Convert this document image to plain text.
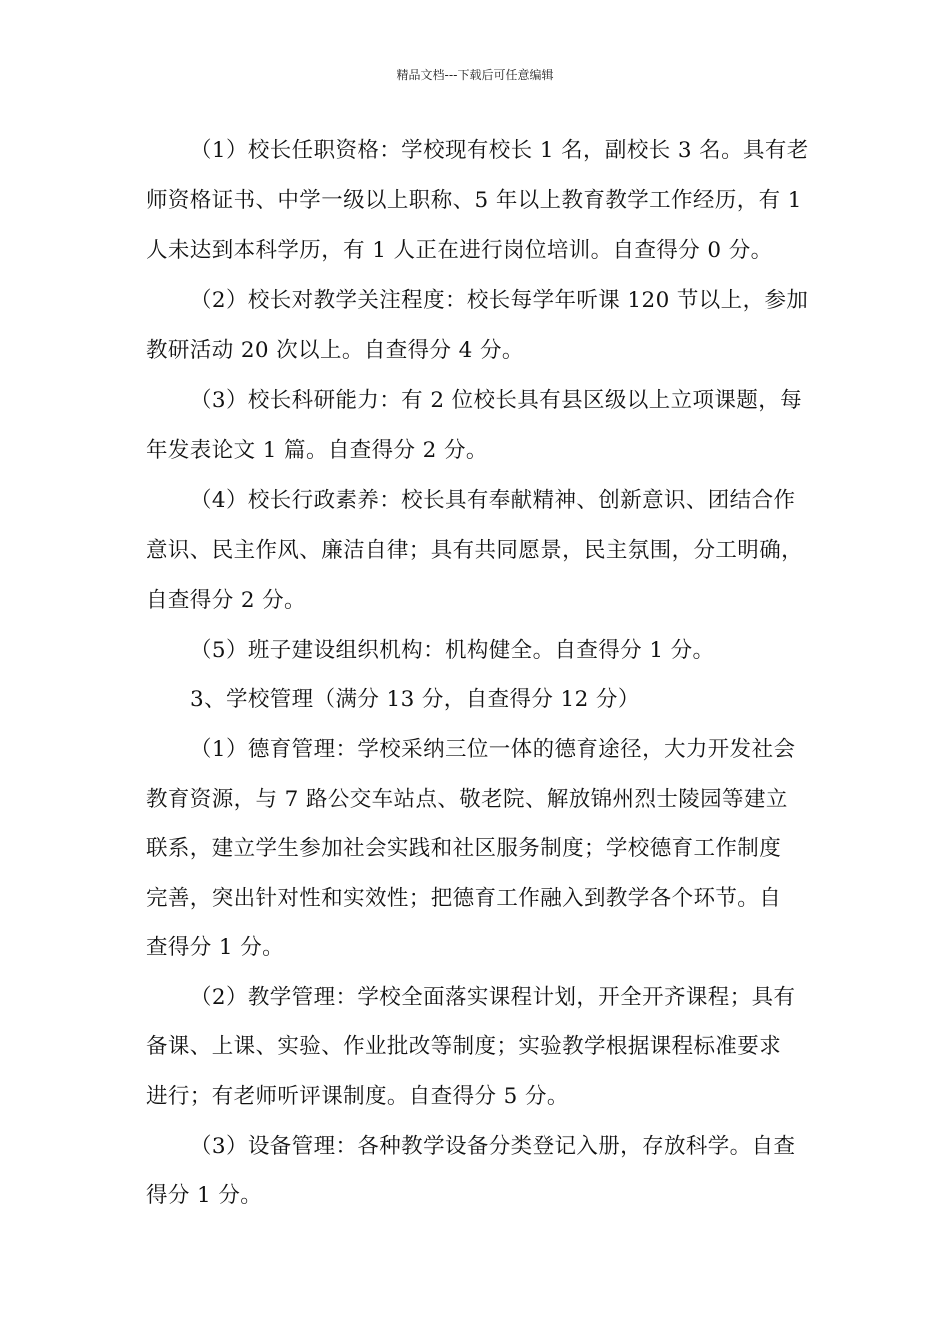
精品文档---下载后可任意编辑
（1）校长任职资格：学校现有校长 1 名，副校长 3 名。具有老
师资格证书、中学一级以上职称、5 年以上教育教学工作经历，有 1
人未达到本科学历，有 1 人正在进行岗位培训。自查得分 0 分。
（2）校长对教学关注程度：校长每学年听课 120 节以上，参加
教研活动 20 次以上。自查得分 4 分。
（3）校长科研能力：有 2 位校长具有县区级以上立项课题，每
年发表论文 1 篇。自查得分 2 分。
（4）校长行政素养：校长具有奉献精神、创新意识、团结合作
意识、民主作风、廉洁自律；具有共同愿景，民主氛围，分工明确，
自查得分 2 分。
（5）班子建设组织机构：机构健全。自查得分 1 分。
3、学校管理（满分 13 分，自查得分 12 分）
（1）德育管理：学校采纳三位一体的德育途径，大力开发社会
教育资源，与 7 路公交车站点、敬老院、解放锦州烈士陵园等建立
联系，建立学生参加社会实践和社区服务制度；学校德育工作制度
完善，突出针对性和实效性；把德育工作融入到教学各个环节。自
查得分 1 分。
（2）教学管理：学校全面落实课程计划，开全开齐课程；具有
备课、上课、实验、作业批改等制度；实验教学根据课程标准要求
进行；有老师听评课制度。自查得分 5 分。
（3）设备管理：各种教学设备分类登记入册，存放科学。自查
得分 1 分。
